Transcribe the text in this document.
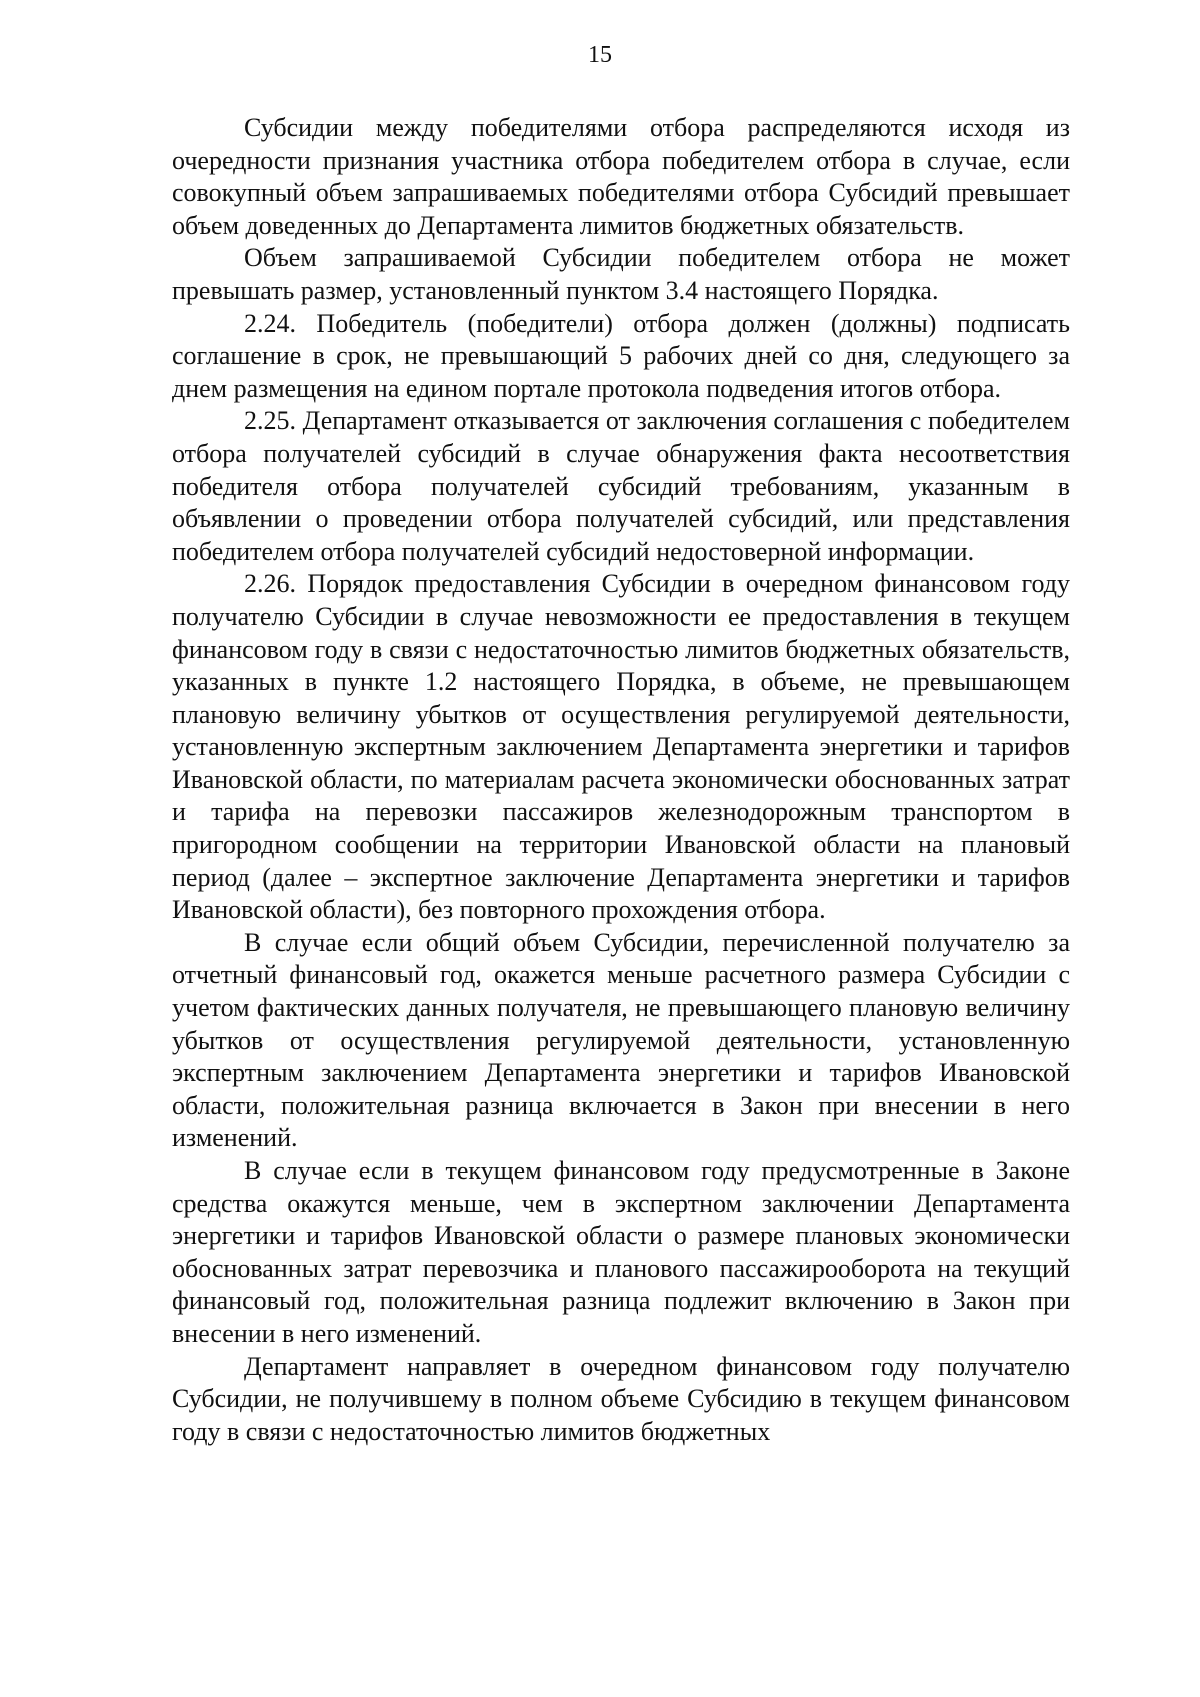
15

Субсидии между победителями отбора распределяются исходя из очередности признания участника отбора победителем отбора в случае, если совокупный объем запрашиваемых победителями отбора Субсидий превышает объем доведенных до Департамента лимитов бюджетных обязательств.

Объем запрашиваемой Субсидии победителем отбора не может превышать размер, установленный пунктом 3.4 настоящего Порядка.

2.24. Победитель (победители) отбора должен (должны) подписать соглашение в срок, не превышающий 5 рабочих дней со дня, следующего за днем размещения на едином портале протокола подведения итогов отбора.

2.25. Департамент отказывается от заключения соглашения с победителем отбора получателей субсидий в случае обнаружения факта несоответствия победителя отбора получателей субсидий требованиям, указанным в объявлении о проведении отбора получателей субсидий, или представления победителем отбора получателей субсидий недостоверной информации.

2.26. Порядок предоставления Субсидии в очередном финансовом году получателю Субсидии в случае невозможности ее предоставления в текущем финансовом году в связи с недостаточностью лимитов бюджетных обязательств, указанных в пункте 1.2 настоящего Порядка, в объеме, не превышающем плановую величину убытков от осуществления регулируемой деятельности, установленную экспертным заключением Департамента энергетики и тарифов Ивановской области, по материалам расчета экономически обоснованных затрат и тарифа на перевозки пассажиров железнодорожным транспортом в пригородном сообщении на территории Ивановской области на плановый период (далее – экспертное заключение Департамента энергетики и тарифов Ивановской области), без повторного прохождения отбора.

В случае если общий объем Субсидии, перечисленной получателю за отчетный финансовый год, окажется меньше расчетного размера Субсидии с учетом фактических данных получателя, не превышающего плановую величину убытков от осуществления регулируемой деятельности, установленную экспертным заключением Департамента энергетики и тарифов Ивановской области, положительная разница включается в Закон при внесении в него изменений.

В случае если в текущем финансовом году предусмотренные в Законе средства окажутся меньше, чем в экспертном заключении Департамента энергетики и тарифов Ивановской области о размере плановых экономически обоснованных затрат перевозчика и планового пассажирооборота на текущий финансовый год, положительная разница подлежит включению в Закон при внесении в него изменений.

Департамент направляет в очередном финансовом году получателю Субсидии, не получившему в полном объеме Субсидию в текущем финансовом году в связи с недостаточностью лимитов бюджетных
